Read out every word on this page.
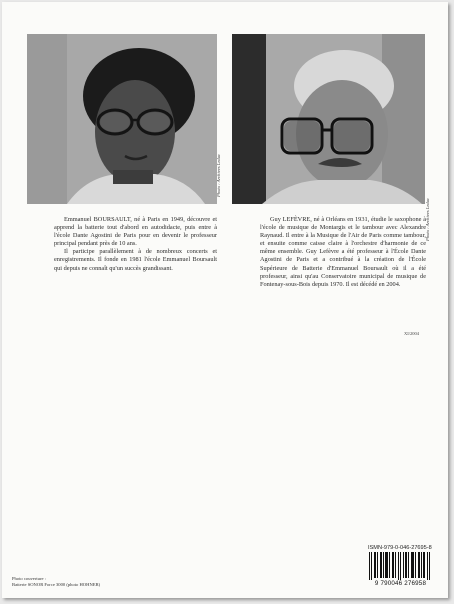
Photo : Archives Leduc
Photo : Archives Leduc

Emmanuel BOURSAULT, né à Paris en 1949, découvre et apprend la batterie tout d'abord en autodidacte, puis entre à l'école Dante Agostini de Paris pour en devenir le professeur principal pendant près de 10 ans.

Il participe parallèlement à de nombreux concerts et enregistrements. Il fonde en 1981 l'école Emmanuel Boursault qui depuis ne connaît qu'un succès grandissant.

Guy LEFÈVRE, né à Orléans en 1931, étudie le saxophone à l'école de musique de Montargis et le tambour avec Alexandre Raynaud. Il entre à la Musique de l'Air de Paris comme tambour, et ensuite comme caisse claire à l'orchestre d'harmonie de ce même ensemble. Guy Lefèvre a été professeur à l'École Dante Agostini de Paris et a contribué à la création de l'École Supérieure de Batterie d'Emmanuel Boursault où il a été professeur, ainsi qu'au Conservatoire municipal de musique de Fontenay-sous-Bois depuis 1970. Il est décédé en 2004.

XI/2004
ISMN-979-0-046-27695-8
9 790046 276958
Photo couverture :
Batterie SONOR Force 3000 (photo HOHNER)
